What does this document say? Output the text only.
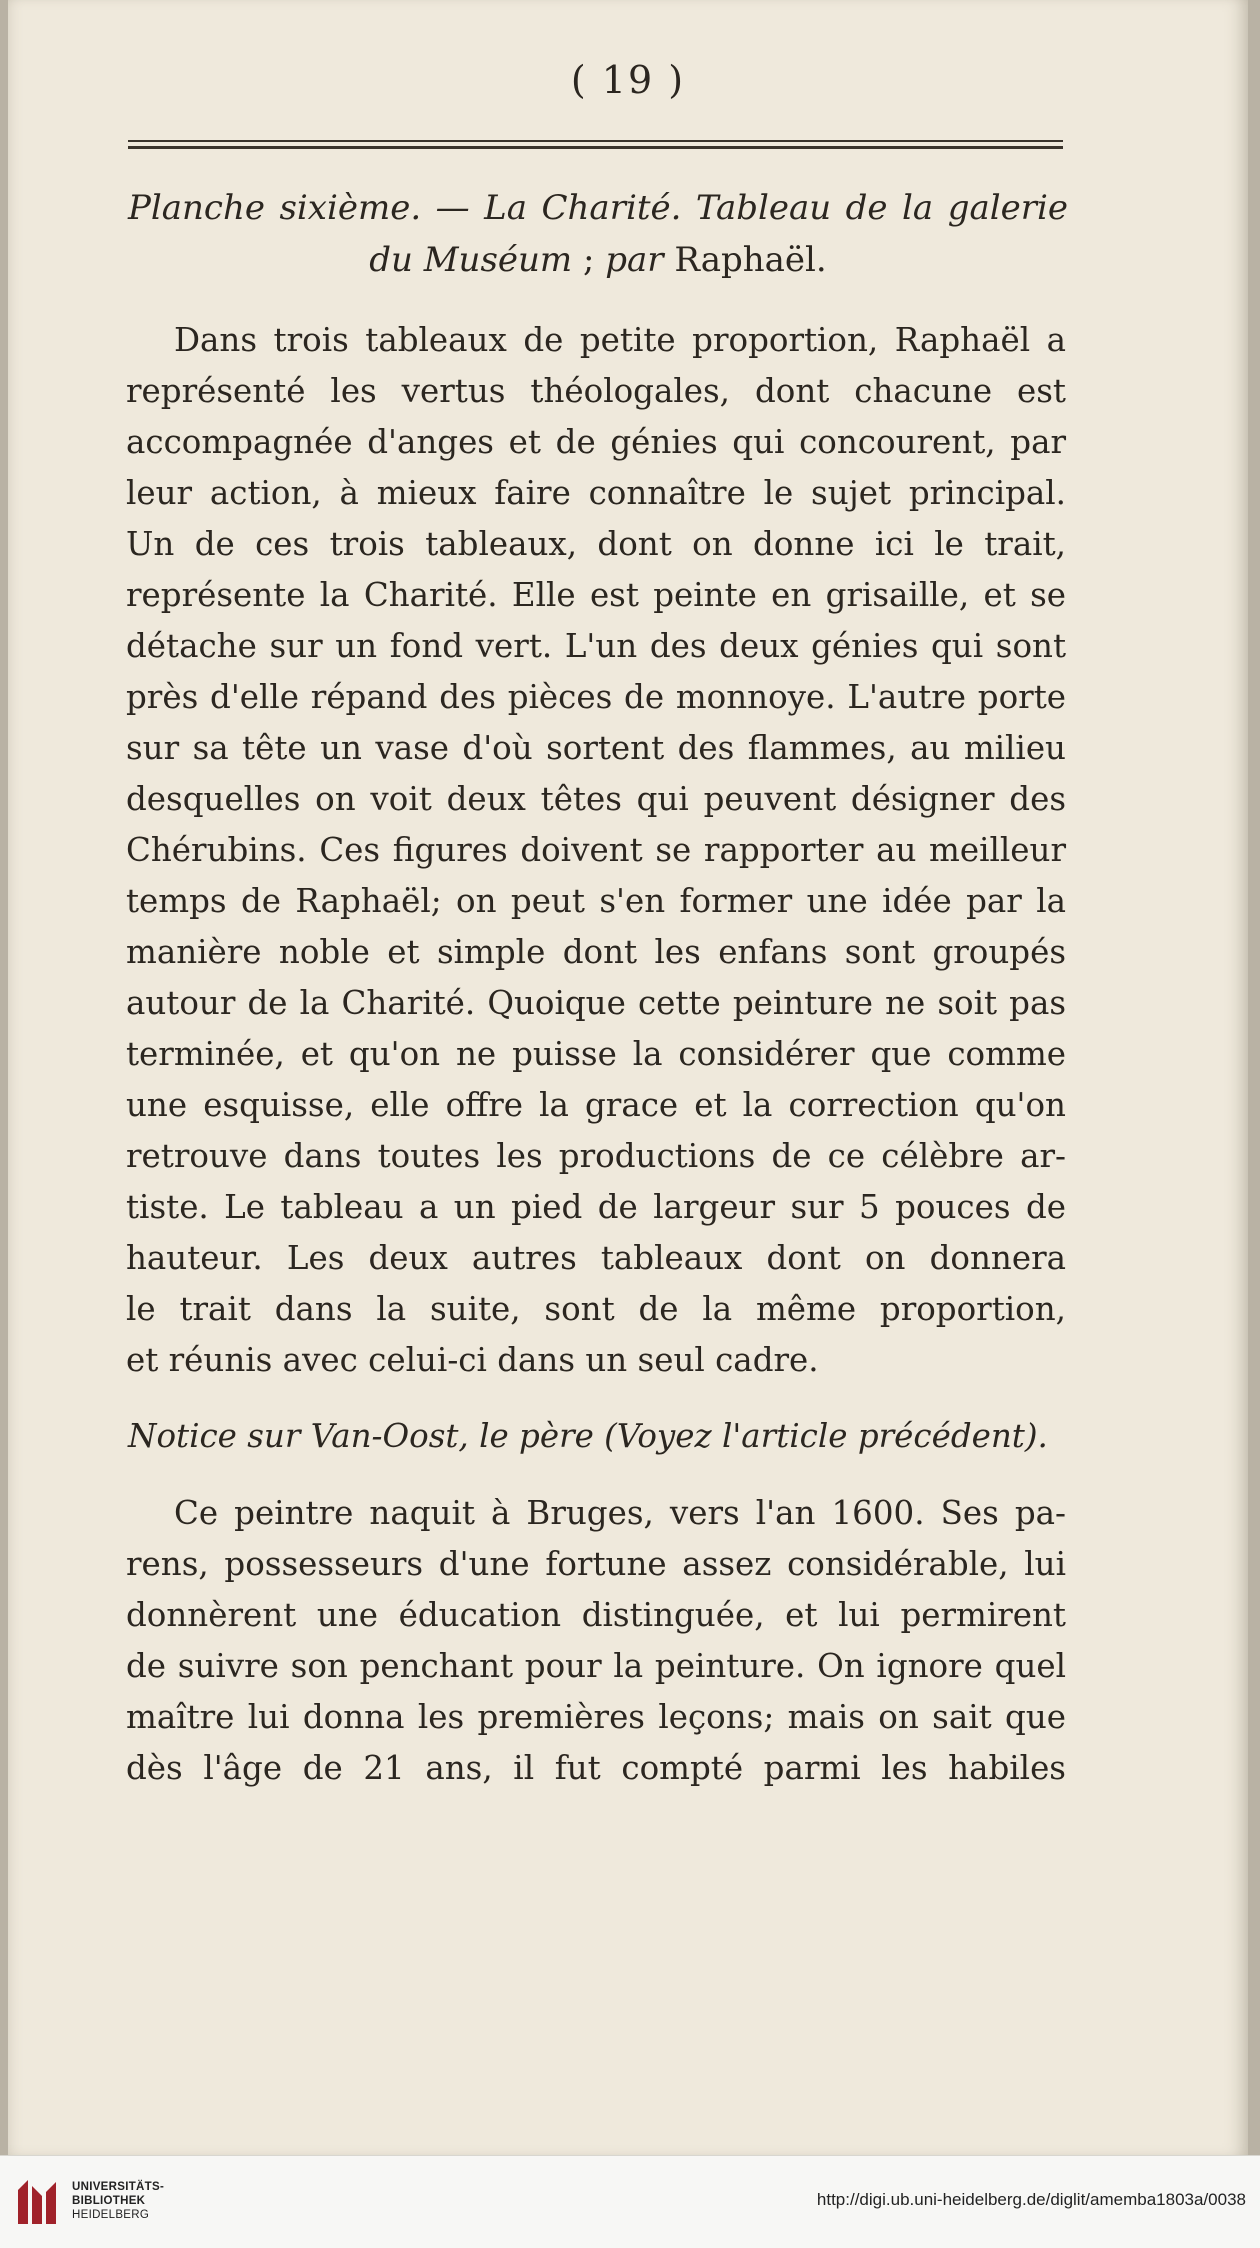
( 19 )
Planche sixième. — La Charité. Tableau de la galerie
du Muséum ; par Raphaël.
Dans trois tableaux de petite proportion, Raphaël a
représenté les vertus théologales, dont chacune est
accompagnée d'anges et de génies qui concourent, par
leur action, à mieux faire connaître le sujet principal.
Un de ces trois tableaux, dont on donne ici le trait,
représente la Charité. Elle est peinte en grisaille, et se
détache sur un fond vert. L'un des deux génies qui sont
près d'elle répand des pièces de monnoye. L'autre porte
sur sa tête un vase d'où sortent des flammes, au milieu
desquelles on voit deux têtes qui peuvent désigner des
Chérubins. Ces figures doivent se rapporter au meilleur
temps de Raphaël; on peut s'en former une idée par la
manière noble et simple dont les enfans sont groupés
autour de la Charité. Quoique cette peinture ne soit pas
terminée, et qu'on ne puisse la considérer que comme
une esquisse, elle offre la grace et la correction qu'on
retrouve dans toutes les productions de ce célèbre ar-
tiste. Le tableau a un pied de largeur sur 5 pouces de
hauteur. Les deux autres tableaux dont on donnera
le trait dans la suite, sont de la même proportion,
et réunis avec celui-ci dans un seul cadre.
Notice sur Van-Oost, le père (Voyez l'article précédent).
Ce peintre naquit à Bruges, vers l'an 1600. Ses pa-
rens, possesseurs d'une fortune assez considérable, lui
donnèrent une éducation distinguée, et lui permirent
de suivre son penchant pour la peinture. On ignore quel
maître lui donna les premières leçons; mais on sait que
dès l'âge de 21 ans, il fut compté parmi les habiles
UNIVERSITÄTS-
BIBLIOTHEK
HEIDELBERG
http://digi.ub.uni-heidelberg.de/diglit/amemba1803a/0038
